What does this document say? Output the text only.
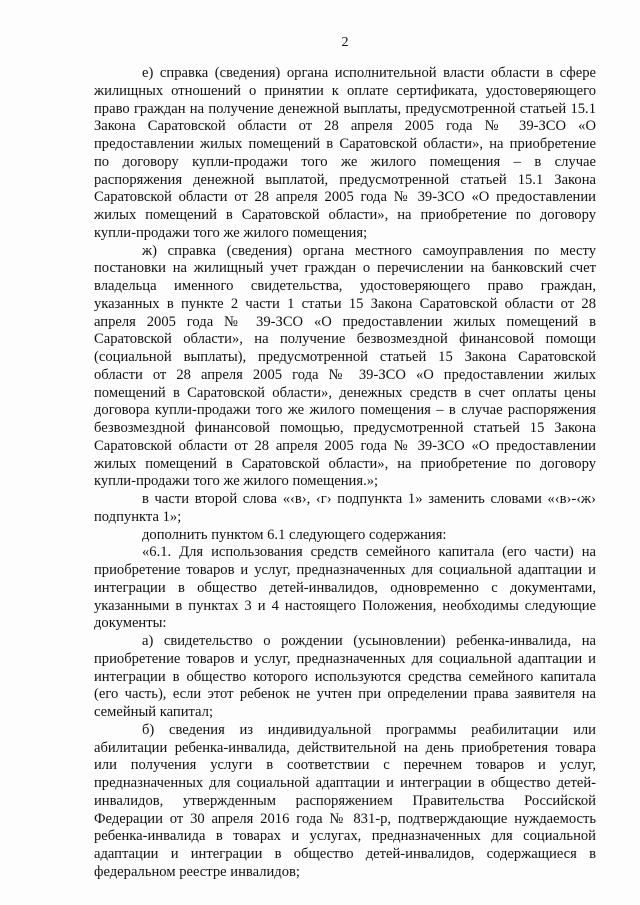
2

е) справка (сведения) органа исполнительной власти области в сфере жилищных отношений о принятии к оплате сертификата, удостоверяющего право граждан на получение денежной выплаты, предусмотренной статьей 15.1 Закона Саратовской области от 28 апреля 2005 года № 39-ЗСО «О предоставлении жилых помещений в Саратовской области», на приобретение по договору купли-продажи того же жилого помещения – в случае распоряжения денежной выплатой, предусмотренной статьей 15.1 Закона Саратовской области от 28 апреля 2005 года № 39-ЗСО «О предоставлении жилых помещений в Саратовской области», на приобретение по договору купли-продажи того же жилого помещения;

ж) справка (сведения) органа местного самоуправления по месту постановки на жилищный учет граждан о перечислении на банковский счет владельца именного свидетельства, удостоверяющего право граждан, указанных в пункте 2 части 1 статьи 15 Закона Саратовской области от 28 апреля 2005 года № 39-ЗСО «О предоставлении жилых помещений в Саратовской области», на получение безвозмездной финансовой помощи (социальной выплаты), предусмотренной статьей 15 Закона Саратовской области от 28 апреля 2005 года № 39-ЗСО «О предоставлении жилых помещений в Саратовской области», денежных средств в счет оплаты цены договора купли-продажи того же жилого помещения – в случае распоряжения безвозмездной финансовой помощью, предусмотренной статьей 15 Закона Саратовской области от 28 апреля 2005 года № 39-ЗСО «О предоставлении жилых помещений в Саратовской области», на приобретение по договору купли-продажи того же жилого помещения.»;

в части второй слова «‹в›, ‹г› подпункта 1» заменить словами «‹в›-‹ж› подпункта 1»;

дополнить пунктом 6.1 следующего содержания:

«6.1. Для использования средств семейного капитала (его части) на приобретение товаров и услуг, предназначенных для социальной адаптации и интеграции в общество детей-инвалидов, одновременно с документами, указанными в пунктах 3 и 4 настоящего Положения, необходимы следующие документы:

а) свидетельство о рождении (усыновлении) ребенка-инвалида, на приобретение товаров и услуг, предназначенных для социальной адаптации и интеграции в общество которого используются средства семейного капитала (его часть), если этот ребенок не учтен при определении права заявителя на семейный капитал;

б) сведения из индивидуальной программы реабилитации или абилитации ребенка-инвалида, действительной на день приобретения товара или получения услуги в соответствии с перечнем товаров и услуг, предназначенных для социальной адаптации и интеграции в общество детей-инвалидов, утвержденным распоряжением Правительства Российской Федерации от 30 апреля 2016 года № 831-р, подтверждающие нуждаемость ребенка-инвалида в товарах и услугах, предназначенных для социальной адаптации и интеграции в общество детей-инвалидов, содержащиеся в федеральном реестре инвалидов;
